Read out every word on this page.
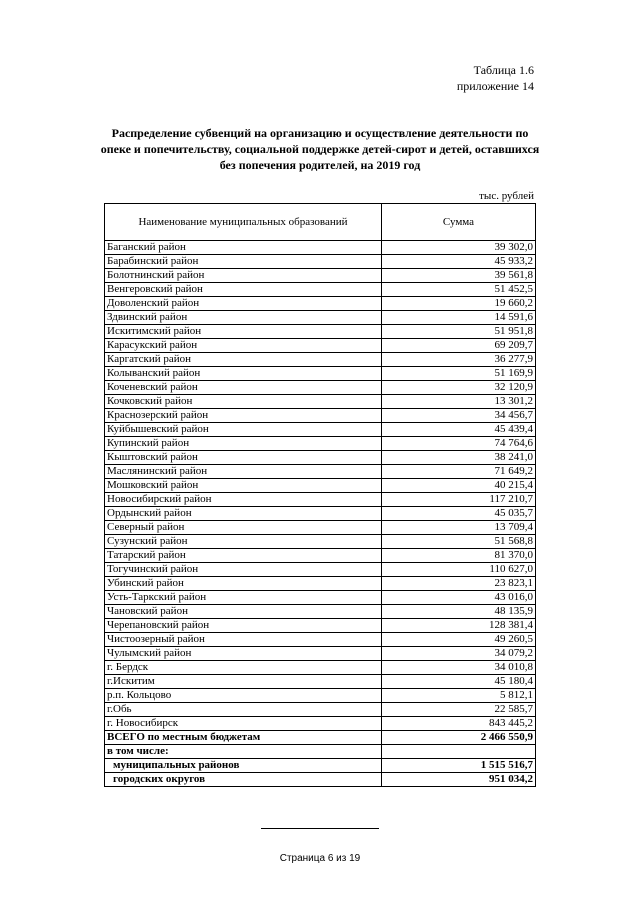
Таблица 1.6
приложение 14
Распределение субвенций на организацию и осуществление деятельности по опеке и попечительству, социальной поддержке детей-сирот и детей, оставшихся без попечения родителей, на 2019 год
тыс. рублей
Наименование муниципальных образований	Сумма
Баганский район	39 302,0
Барабинский район	45 933,2
Болотнинский район	39 561,8
Венгеровский район	51 452,5
Доволенский район	19 660,2
Здвинский район	14 591,6
Искитимский район	51 951,8
Карасукский район	69 209,7
Каргатский район	36 277,9
Колыванский район	51 169,9
Коченевский район	32 120,9
Кочковский район	13 301,2
Краснозерский район	34 456,7
Куйбышевский район	45 439,4
Купинский район	74 764,6
Кыштовский район	38 241,0
Маслянинский район	71 649,2
Мошковский район	40 215,4
Новосибирский район	117 210,7
Ордынский район	45 035,7
Северный район	13 709,4
Сузунский район	51 568,8
Татарский район	81 370,0
Тогучинский район	110 627,0
Убинский район	23 823,1
Усть-Таркский район	43 016,0
Чановский район	48 135,9
Черепановский район	128 381,4
Чистоозерный район	49 260,5
Чулымский район	34 079,2
г. Бердск	34 010,8
г.Искитим	45 180,4
р.п. Кольцово	5 812,1
г.Обь	22 585,7
г. Новосибирск	843 445,2
ВСЕГО по местным бюджетам	2 466 550,9
в том числе:	
муниципальных районов	1 515 516,7
городских округов	951 034,2
Страница 6 из 19
